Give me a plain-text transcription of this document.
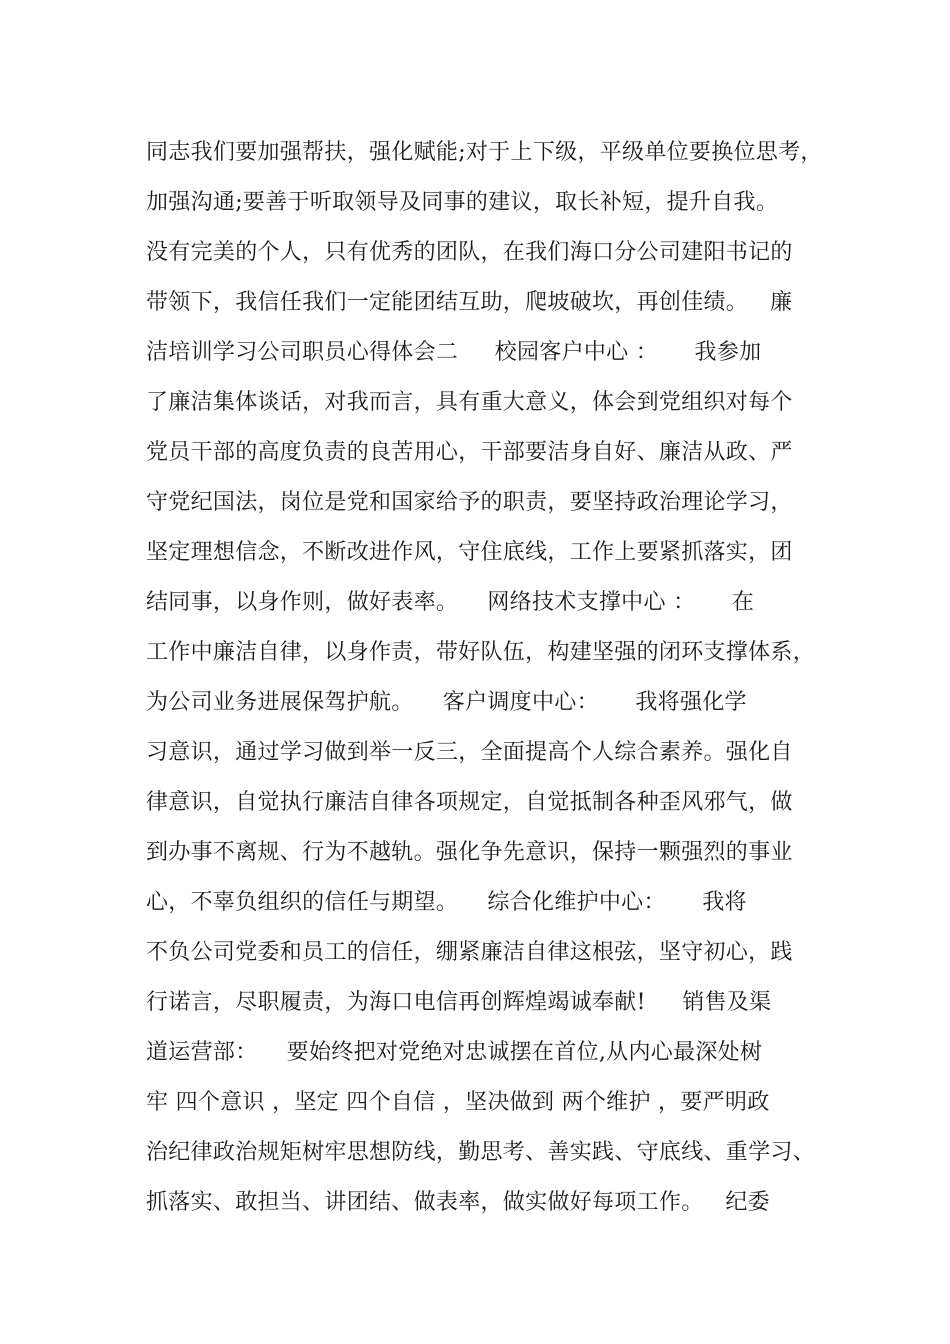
同志我们要加强帮扶，强化赋能;对于上下级，平级单位要换位思考，
加强沟通;要善于听取领导及同事的建议，取长补短，提升自我。
没有完美的个人，只有优秀的团队，在我们海口分公司建阳书记的
带领下，我信任我们一定能团结互助，爬坡破坎，再创佳绩。   廉
洁培训学习公司职员心得体会二     校园客户中心 ：     我参加
了廉洁集体谈话，对我而言，具有重大意义，体会到党组织对每个
党员干部的高度负责的良苦用心，干部要洁身自好、廉洁从政、严
守党纪国法，岗位是党和国家给予的职责，要坚持政治理论学习，
坚定理想信念，不断改进作风，守住底线，工作上要紧抓落实，团
结同事，以身作则，做好表率。    网络技术支撑中心 ：     在
工作中廉洁自律，以身作责，带好队伍，构建坚强的闭环支撑体系，
为公司业务进展保驾护航。    客户调度中心：     我将强化学
习意识，通过学习做到举一反三，全面提高个人综合素养。强化自
律意识，自觉执行廉洁自律各项规定，自觉抵制各种歪风邪气，做
到办事不离规、行为不越轨。强化争先意识，保持一颗强烈的事业
心，不辜负组织的信任与期望。    综合化维护中心：     我将
不负公司党委和员工的信任，绷紧廉洁自律这根弦，坚守初心，践
行诺言，尽职履责，为海口电信再创辉煌竭诚奉献!     销售及渠
道运营部：    要始终把对党绝对忠诚摆在首位,从内心最深处树
牢 四个意识 ，坚定 四个自信 ，坚决做到 两个维护 ，要严明政
治纪律政治规矩树牢思想防线，勤思考、善实践、守底线、重学习、
抓落实、敢担当、讲团结、做表率，做实做好每项工作。   纪委
